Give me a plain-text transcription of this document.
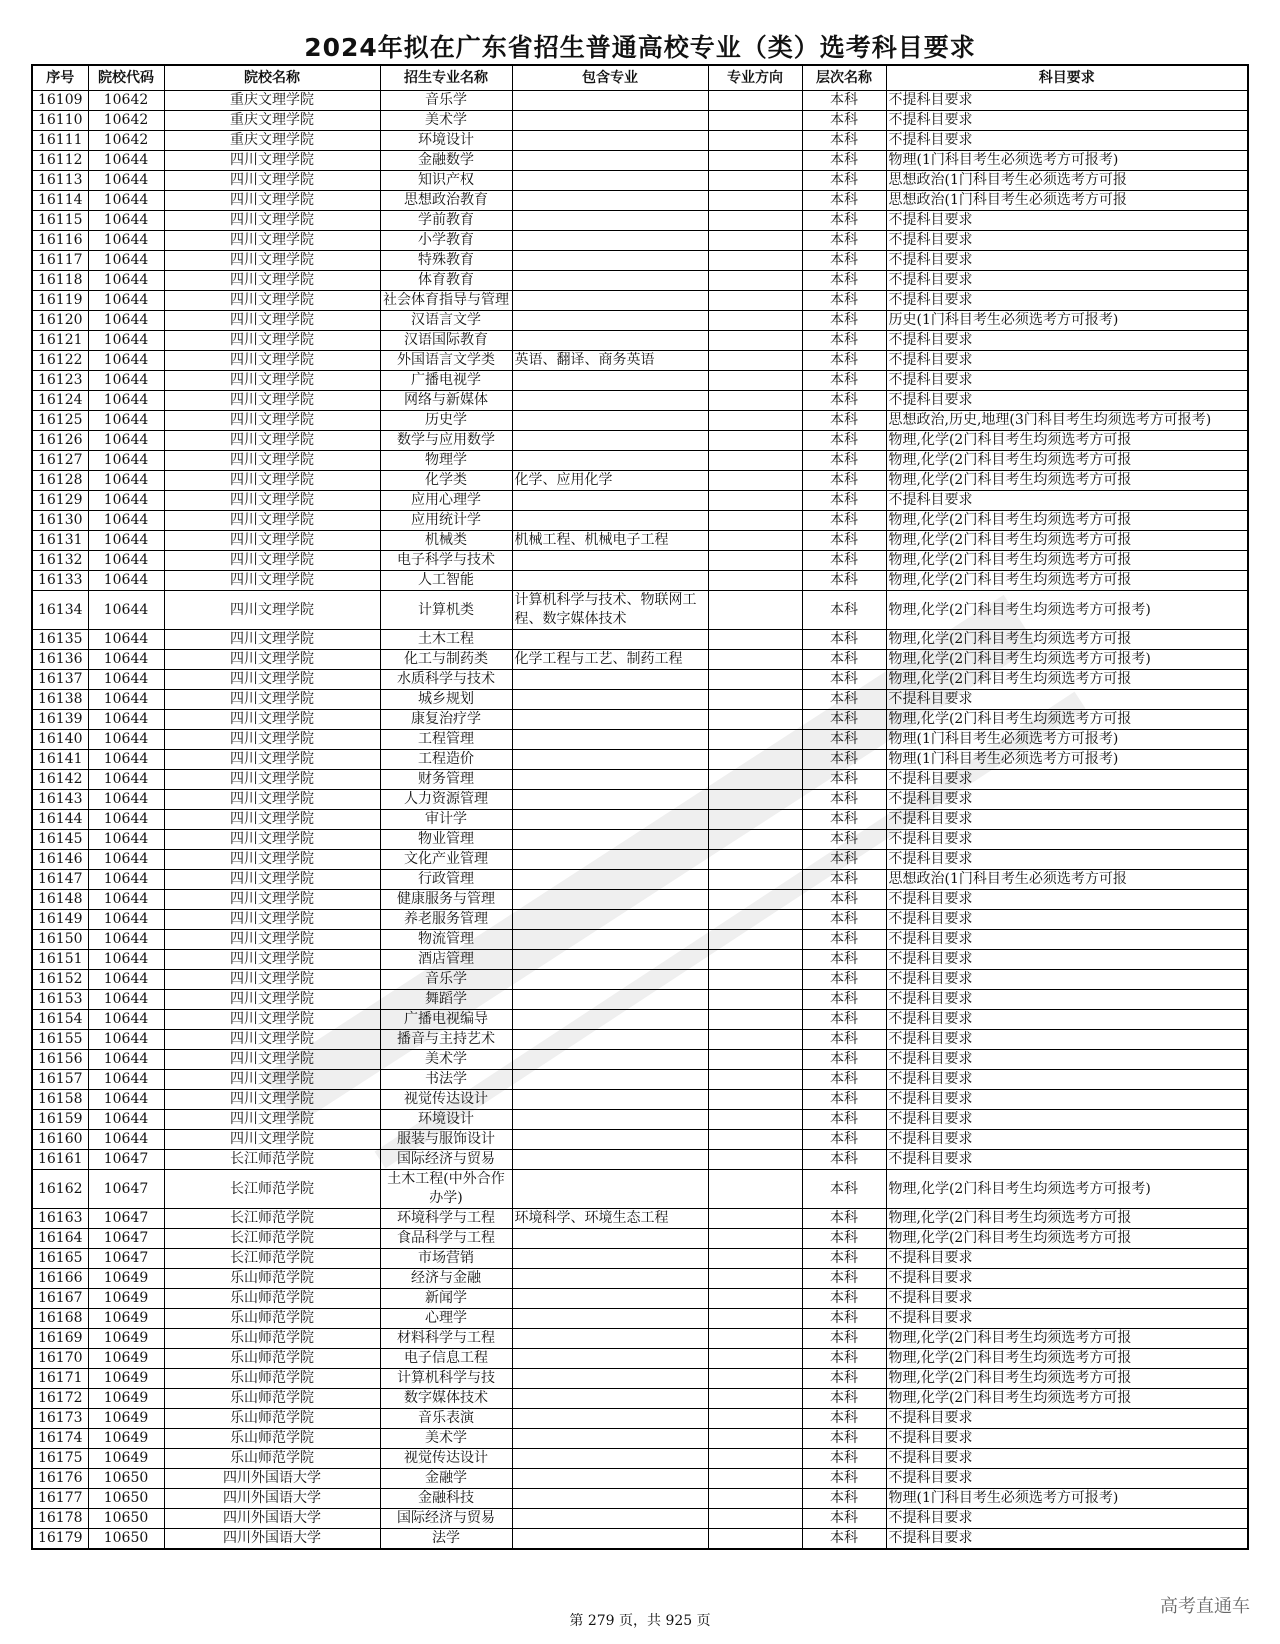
2024年拟在广东省招生普通高校专业（类）选考科目要求
序号	院校代码	院校名称	招生专业名称	包含专业	专业方向	层次名称	科目要求
16109	10642	重庆文理学院	音乐学			本科	不提科目要求
16110	10642	重庆文理学院	美术学			本科	不提科目要求
16111	10642	重庆文理学院	环境设计			本科	不提科目要求
16112	10644	四川文理学院	金融数学			本科	物理(1门科目考生必须选考方可报考)
16113	10644	四川文理学院	知识产权			本科	思想政治(1门科目考生必须选考方可报
16114	10644	四川文理学院	思想政治教育			本科	思想政治(1门科目考生必须选考方可报
16115	10644	四川文理学院	学前教育			本科	不提科目要求
16116	10644	四川文理学院	小学教育			本科	不提科目要求
16117	10644	四川文理学院	特殊教育			本科	不提科目要求
16118	10644	四川文理学院	体育教育			本科	不提科目要求
16119	10644	四川文理学院	社会体育指导与管理			本科	不提科目要求
16120	10644	四川文理学院	汉语言文学			本科	历史(1门科目考生必须选考方可报考)
16121	10644	四川文理学院	汉语国际教育			本科	不提科目要求
16122	10644	四川文理学院	外国语言文学类	英语、翻译、商务英语		本科	不提科目要求
16123	10644	四川文理学院	广播电视学			本科	不提科目要求
16124	10644	四川文理学院	网络与新媒体			本科	不提科目要求
16125	10644	四川文理学院	历史学			本科	思想政治,历史,地理(3门科目考生均须选考方可报考)
16126	10644	四川文理学院	数学与应用数学			本科	物理,化学(2门科目考生均须选考方可报
16127	10644	四川文理学院	物理学			本科	物理,化学(2门科目考生均须选考方可报
16128	10644	四川文理学院	化学类	化学、应用化学		本科	物理,化学(2门科目考生均须选考方可报
16129	10644	四川文理学院	应用心理学			本科	不提科目要求
16130	10644	四川文理学院	应用统计学			本科	物理,化学(2门科目考生均须选考方可报
16131	10644	四川文理学院	机械类	机械工程、机械电子工程		本科	物理,化学(2门科目考生均须选考方可报
16132	10644	四川文理学院	电子科学与技术			本科	物理,化学(2门科目考生均须选考方可报
16133	10644	四川文理学院	人工智能			本科	物理,化学(2门科目考生均须选考方可报
16134	10644	四川文理学院	计算机类	计算机科学与技术、物联网工程、数字媒体技术		本科	物理,化学(2门科目考生均须选考方可报考)
16135	10644	四川文理学院	土木工程			本科	物理,化学(2门科目考生均须选考方可报
16136	10644	四川文理学院	化工与制药类	化学工程与工艺、制药工程		本科	物理,化学(2门科目考生均须选考方可报考)
16137	10644	四川文理学院	水质科学与技术			本科	物理,化学(2门科目考生均须选考方可报
16138	10644	四川文理学院	城乡规划			本科	不提科目要求
16139	10644	四川文理学院	康复治疗学			本科	物理,化学(2门科目考生均须选考方可报
16140	10644	四川文理学院	工程管理			本科	物理(1门科目考生必须选考方可报考)
16141	10644	四川文理学院	工程造价			本科	物理(1门科目考生必须选考方可报考)
16142	10644	四川文理学院	财务管理			本科	不提科目要求
16143	10644	四川文理学院	人力资源管理			本科	不提科目要求
16144	10644	四川文理学院	审计学			本科	不提科目要求
16145	10644	四川文理学院	物业管理			本科	不提科目要求
16146	10644	四川文理学院	文化产业管理			本科	不提科目要求
16147	10644	四川文理学院	行政管理			本科	思想政治(1门科目考生必须选考方可报
16148	10644	四川文理学院	健康服务与管理			本科	不提科目要求
16149	10644	四川文理学院	养老服务管理			本科	不提科目要求
16150	10644	四川文理学院	物流管理			本科	不提科目要求
16151	10644	四川文理学院	酒店管理			本科	不提科目要求
16152	10644	四川文理学院	音乐学			本科	不提科目要求
16153	10644	四川文理学院	舞蹈学			本科	不提科目要求
16154	10644	四川文理学院	广播电视编导			本科	不提科目要求
16155	10644	四川文理学院	播音与主持艺术			本科	不提科目要求
16156	10644	四川文理学院	美术学			本科	不提科目要求
16157	10644	四川文理学院	书法学			本科	不提科目要求
16158	10644	四川文理学院	视觉传达设计			本科	不提科目要求
16159	10644	四川文理学院	环境设计			本科	不提科目要求
16160	10644	四川文理学院	服装与服饰设计			本科	不提科目要求
16161	10647	长江师范学院	国际经济与贸易			本科	不提科目要求
16162	10647	长江师范学院	土木工程(中外合作办学)			本科	物理,化学(2门科目考生均须选考方可报考)
16163	10647	长江师范学院	环境科学与工程	环境科学、环境生态工程		本科	物理,化学(2门科目考生均须选考方可报
16164	10647	长江师范学院	食品科学与工程			本科	物理,化学(2门科目考生均须选考方可报
16165	10647	长江师范学院	市场营销			本科	不提科目要求
16166	10649	乐山师范学院	经济与金融			本科	不提科目要求
16167	10649	乐山师范学院	新闻学			本科	不提科目要求
16168	10649	乐山师范学院	心理学			本科	不提科目要求
16169	10649	乐山师范学院	材料科学与工程			本科	物理,化学(2门科目考生均须选考方可报
16170	10649	乐山师范学院	电子信息工程			本科	物理,化学(2门科目考生均须选考方可报
16171	10649	乐山师范学院	计算机科学与技			本科	物理,化学(2门科目考生均须选考方可报
16172	10649	乐山师范学院	数字媒体技术			本科	物理,化学(2门科目考生均须选考方可报
16173	10649	乐山师范学院	音乐表演			本科	不提科目要求
16174	10649	乐山师范学院	美术学			本科	不提科目要求
16175	10649	乐山师范学院	视觉传达设计			本科	不提科目要求
16176	10650	四川外国语大学	金融学			本科	不提科目要求
16177	10650	四川外国语大学	金融科技			本科	物理(1门科目考生必须选考方可报考)
16178	10650	四川外国语大学	国际经济与贸易			本科	不提科目要求
16179	10650	四川外国语大学	法学			本科	不提科目要求
第 279 页，共 925 页
高考直通车
